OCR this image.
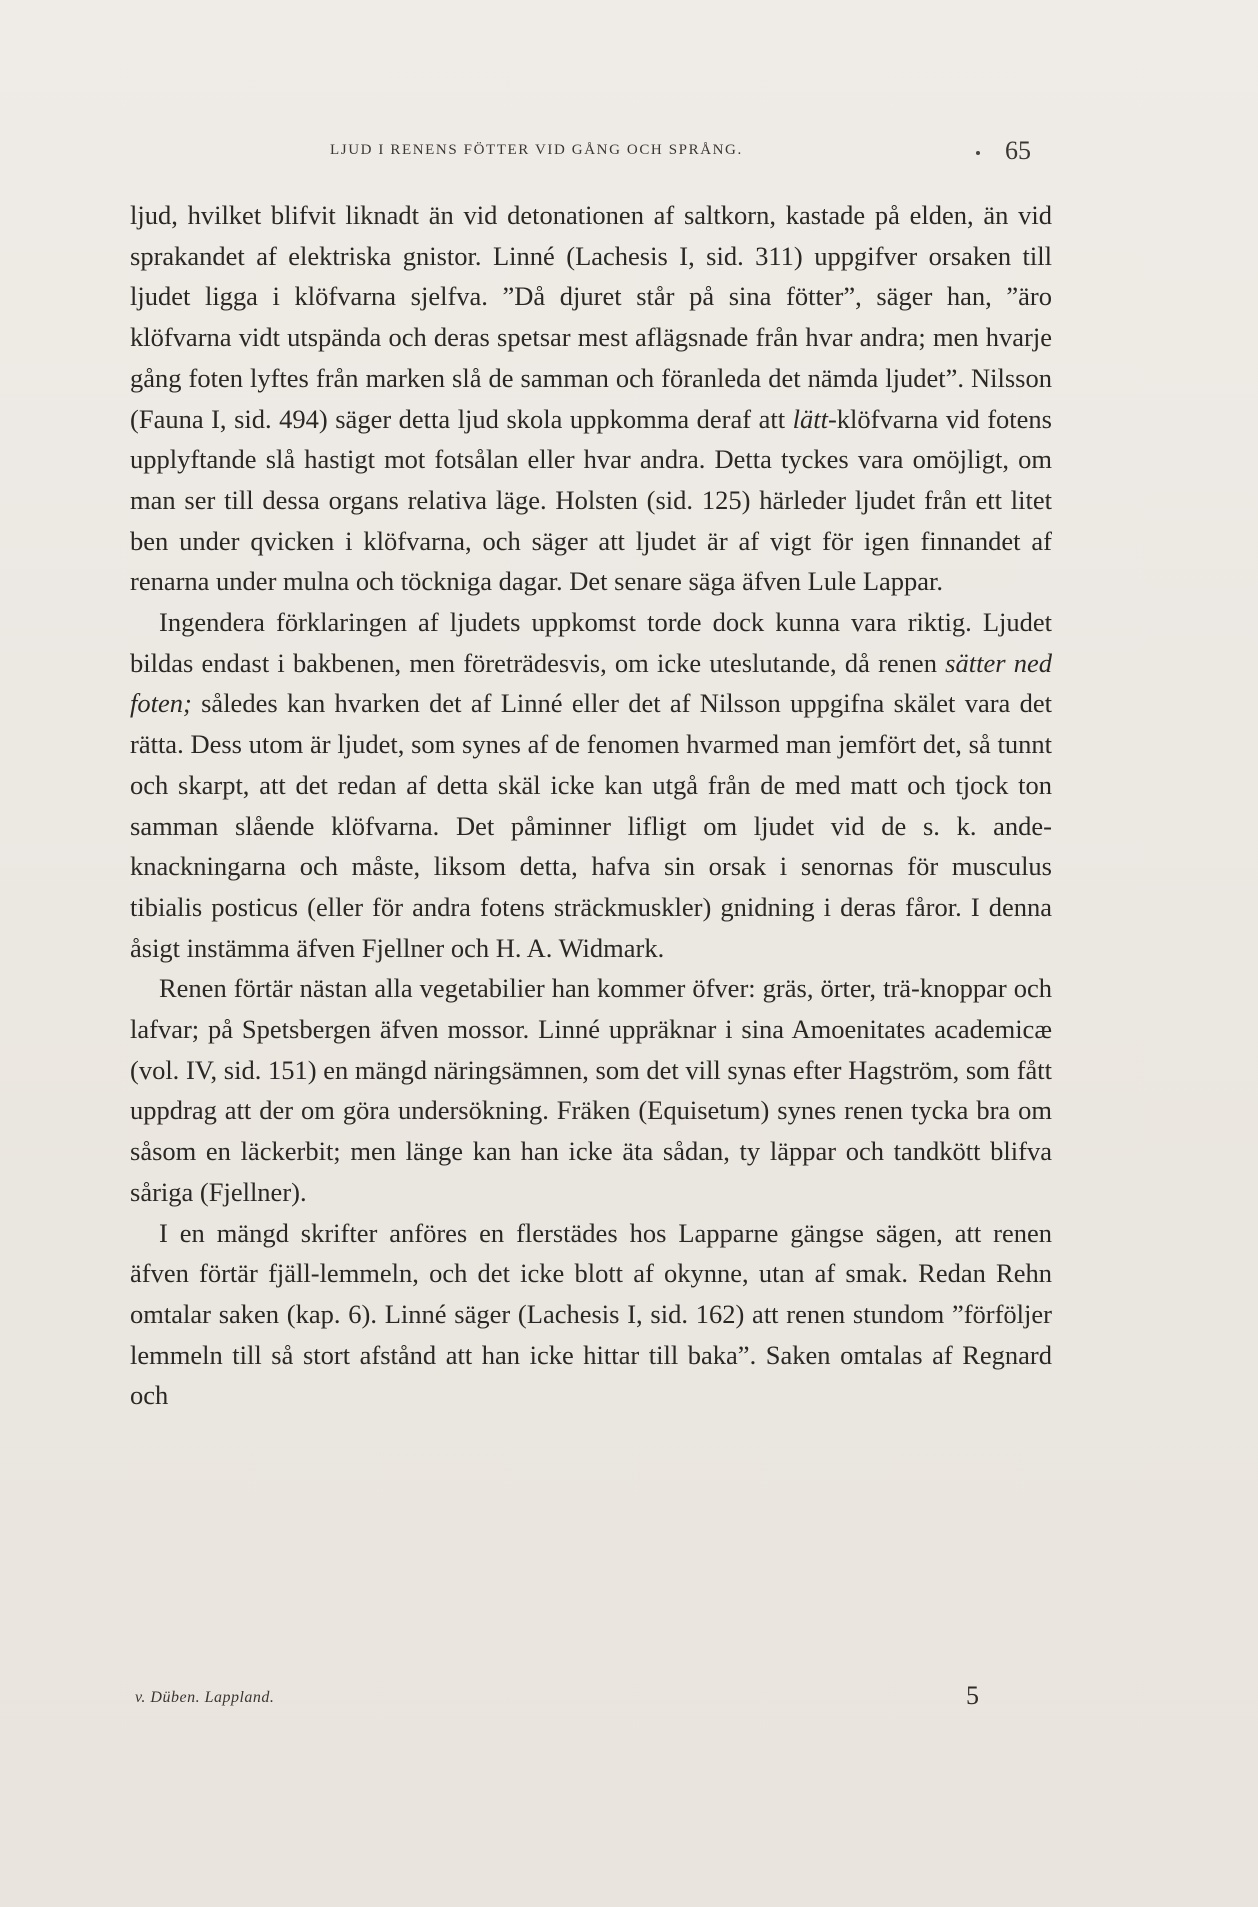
LJUD I RENENS FÖTTER VID GÅNG OCH SPRÅNG.	65

ljud, hvilket blifvit liknadt än vid detonationen af saltkorn, kastade på elden, än vid sprakandet af elektriska gnistor. Linné (Lachesis I, sid. 311) uppgifver orsaken till ljudet ligga i klöfvarna sjelfva. ”Då djuret står på sina fötter”, säger han, ”äro klöfvarna vidt utspända och deras spetsar mest aflägsnade från hvar andra; men hvarje gång foten lyftes från marken slå de samman och föranleda det nämda ljudet”. Nilsson (Fauna I, sid. 494) säger detta ljud skola uppkomma deraf att lätt-klöfvarna vid fotens upplyftande slå hastigt mot fotsålan eller hvar andra. Detta tyckes vara omöjligt, om man ser till dessa organs relativa läge. Holsten (sid. 125) härleder ljudet från ett litet ben under qvicken i klöfvarna, och säger att ljudet är af vigt för igen finnandet af renarna under mulna och töckniga dagar. Det senare säga äfven Lule Lappar.

Ingendera förklaringen af ljudets uppkomst torde dock kunna vara riktig. Ljudet bildas endast i bakbenen, men företrädesvis, om icke uteslutande, då renen sätter ned foten; således kan hvarken det af Linné eller det af Nilsson uppgifna skälet vara det rätta. Dess utom är ljudet, som synes af de fenomen hvarmed man jemfört det, så tunnt och skarpt, att det redan af detta skäl icke kan utgå från de med matt och tjock ton samman slående klöfvarna. Det påminner lifligt om ljudet vid de s. k. ande-knackningarna och måste, liksom detta, hafva sin orsak i senornas för musculus tibialis posticus (eller för andra fotens sträckmuskler) gnidning i deras fåror. I denna åsigt instämma äfven Fjellner och H. A. Widmark.

Renen förtär nästan alla vegetabilier han kommer öfver: gräs, örter, trä-knoppar och lafvar; på Spetsbergen äfven mossor. Linné uppräknar i sina Amoenitates academicæ (vol. IV, sid. 151) en mängd näringsämnen, som det vill synas efter Hagström, som fått uppdrag att der om göra undersökning. Fräken (Equisetum) synes renen tycka bra om såsom en läckerbit; men länge kan han icke äta sådan, ty läppar och tandkött blifva såriga (Fjellner).

I en mängd skrifter anföres en flerstädes hos Lapparne gängse sägen, att renen äfven förtär fjäll-lemmeln, och det icke blott af okynne, utan af smak. Redan Rehn omtalar saken (kap. 6). Linné säger (Lachesis I, sid. 162) att renen stundom ”förföljer lemmeln till så stort afstånd att han icke hittar till baka”. Saken omtalas af Regnard och

v. Düben. Lappland.	5
